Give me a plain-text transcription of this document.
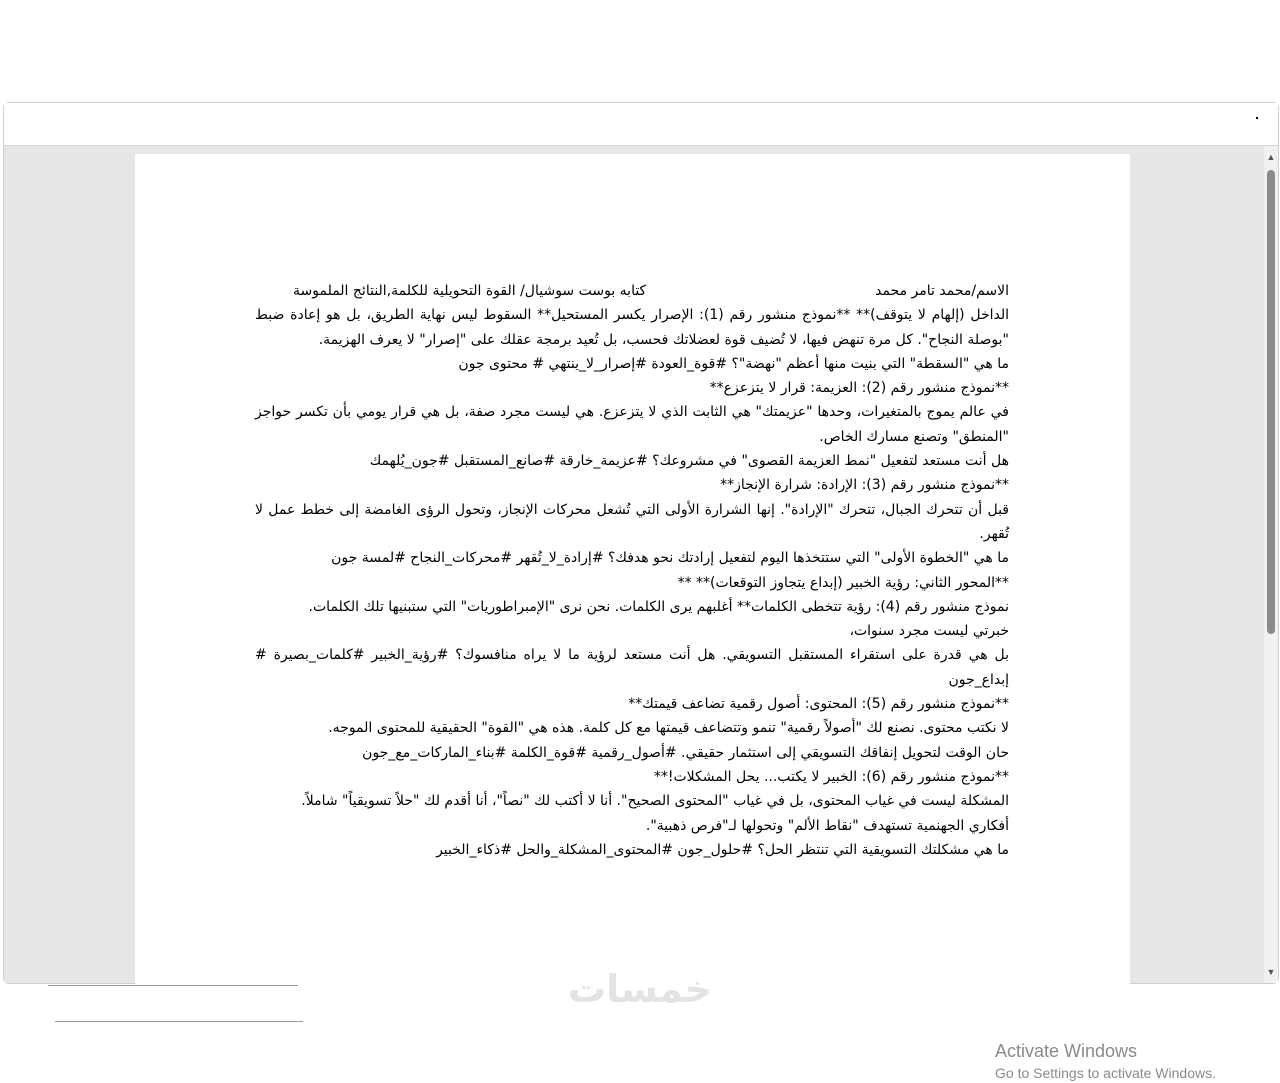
الاسم/محمد تامر محمد
كتابه بوست سوشيال/ القوة التحويلية للكلمة,النتائج الملموسة

الداخل (إلهام لا يتوقف)** **نموذج منشور رقم (1): الإصرار يكسر المستحيل** السقوط ليس نهاية الطريق، بل هو إعادة ضبط "بوصلة النجاح". كل مرة تنهض فيها، لا تُضيف قوة لعضلاتك فحسب، بل تُعيد برمجة عقلك على "إصرار" لا يعرف الهزيمة.

ما هي "السقطة" التي بنيت منها أعظم "نهضة"؟ #قوة_العودة #إصرار_لا_ينتهي # محتوى جون

**نموذج منشور رقم (2): العزيمة: قرار لا يتزعزع**

في عالم يموج بالمتغيرات، وحدها "عزيمتك" هي الثابت الذي لا يتزعزع. هي ليست مجرد صفة، بل هي قرار يومي بأن تكسر حواجز "المنطق" وتصنع مسارك الخاص.

هل أنت مستعد لتفعيل "نمط العزيمة القصوى" في مشروعك؟ #عزيمة_خارقة #صانع_المستقبل #جون_يُلهمك

**نموذج منشور رقم (3): الإرادة: شرارة الإنجاز**

قبل أن تتحرك الجبال، تتحرك "الإرادة". إنها الشرارة الأولى التي تُشعل محركات الإنجاز، وتحول الرؤى الغامضة إلى خطط عمل لا تُقهر.

ما هي "الخطوة الأولى" التي ستتخذها اليوم لتفعيل إرادتك نحو هدفك؟ #إرادة_لا_تُقهر #محركات_النجاح #لمسة جون

**المحور الثاني: رؤية الخبير (إبداع يتجاوز التوقعات)** **

نموذج منشور رقم (4): رؤية تتخطى الكلمات** أغلبهم يرى الكلمات. نحن نرى "الإمبراطوريات" التي ستبنيها تلك الكلمات.

خبرتي ليست مجرد سنوات،

بل هي قدرة على استقراء المستقبل التسويقي. هل أنت مستعد لرؤية ما لا يراه منافسوك؟ #رؤية_الخبير #كلمات_بصيرة # إبداع_جون

**نموذج منشور رقم (5): المحتوى: أصول رقمية تضاعف قيمتك**

لا نكتب محتوى. نصنع لك "أصولاً رقمية" تنمو وتتضاعف قيمتها مع كل كلمة. هذه هي "القوة" الحقيقية للمحتوى الموجه.

حان الوقت لتحويل إنفاقك التسويقي إلى استثمار حقيقي. #أصول_رقمية #قوة_الكلمة #بناء_الماركات_مع_جون

**نموذج منشور رقم (6): الخبير لا يكتب... يحل المشكلات!**

المشكلة ليست في غياب المحتوى، بل في غياب "المحتوى الصحيح". أنا لا أكتب لك "نصاً"، أنا أقدم لك "حلاً تسويقياً" شاملاً.

أفكاري الجهنمية تستهدف "نقاط الألم" وتحولها لـ"فرص ذهبية".

ما هي مشكلتك التسويقية التي تنتظر الحل؟ #حلول_جون #المحتوى_المشكلة_والحل #ذكاء_الخبير

Activate Windows
Go to Settings to activate Windows.
▲
▼
خمسات
